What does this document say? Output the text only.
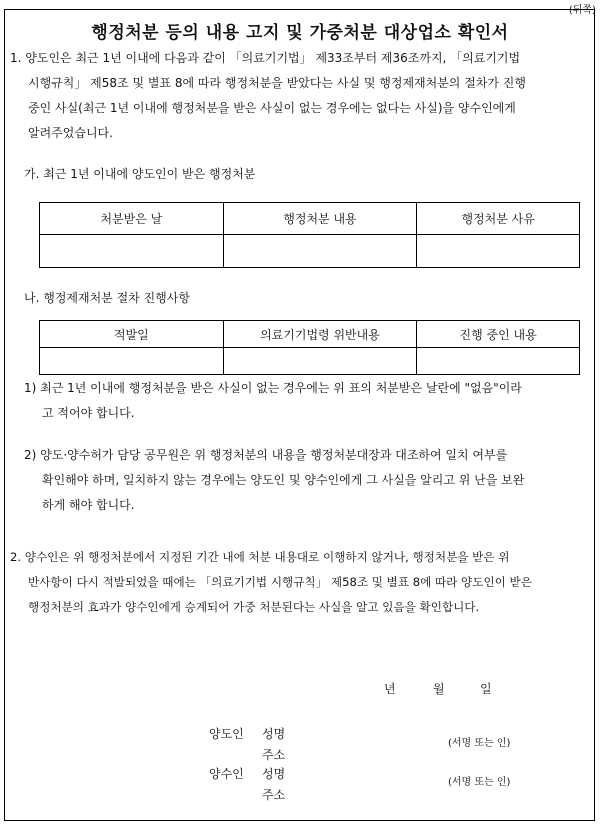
(뒤쪽)
행정처분 등의 내용 고지 및 가중처분 대상업소 확인서
1. 양도인은 최근 1년 이내에 다음과 같이 「의료기기법」 제33조부터 제36조까지, 「의료기기법
시행규칙」 제58조 및 별표 8에 따라 행정처분을 받았다는 사실 및 행정제재처분의 절차가 진행
중인 사실(최근 1년 이내에 행정처분을 받은 사실이 없는 경우에는 없다는 사실)을 양수인에게
알려주었습니다.
가. 최근 1년 이내에 양도인이 받은 행정처분
처분받은 날	행정처분 내용	행정처분 사유

나. 행정제재처분 절차 진행사항
적발일	의료기기법령 위반내용	진행 중인 내용

1) 최근 1년 이내에 행정처분을 받은 사실이 없는 경우에는 위 표의 처분받은 날란에 "없음"이라
고 적어야 합니다.
2) 양도·양수허가 담당 공무원은 위 행정처분의 내용을 행정처분대장과 대조하여 일치 여부를
확인해야 하며, 일치하지 않는 경우에는 양도인 및 양수인에게 그 사실을 알리고 위 난을 보완
하게 해야 합니다.
2. 양수인은 위 행정처분에서 지정된 기간 내에 처분 내용대로 이행하지 않거나, 행정처분을 받은 위
반사항이 다시 적발되었을 때에는 「의료기기법 시행규칙」 제58조 및 별표 8에 따라 양도인이 받은
행정처분의 효과가 양수인에게 승계되어 가중 처분된다는 사실을 알고 있음을 확인합니다.
년	월	일
양도인 성명
(서명 또는 인)
주소
양수인 성명
(서명 또는 인)
주소
